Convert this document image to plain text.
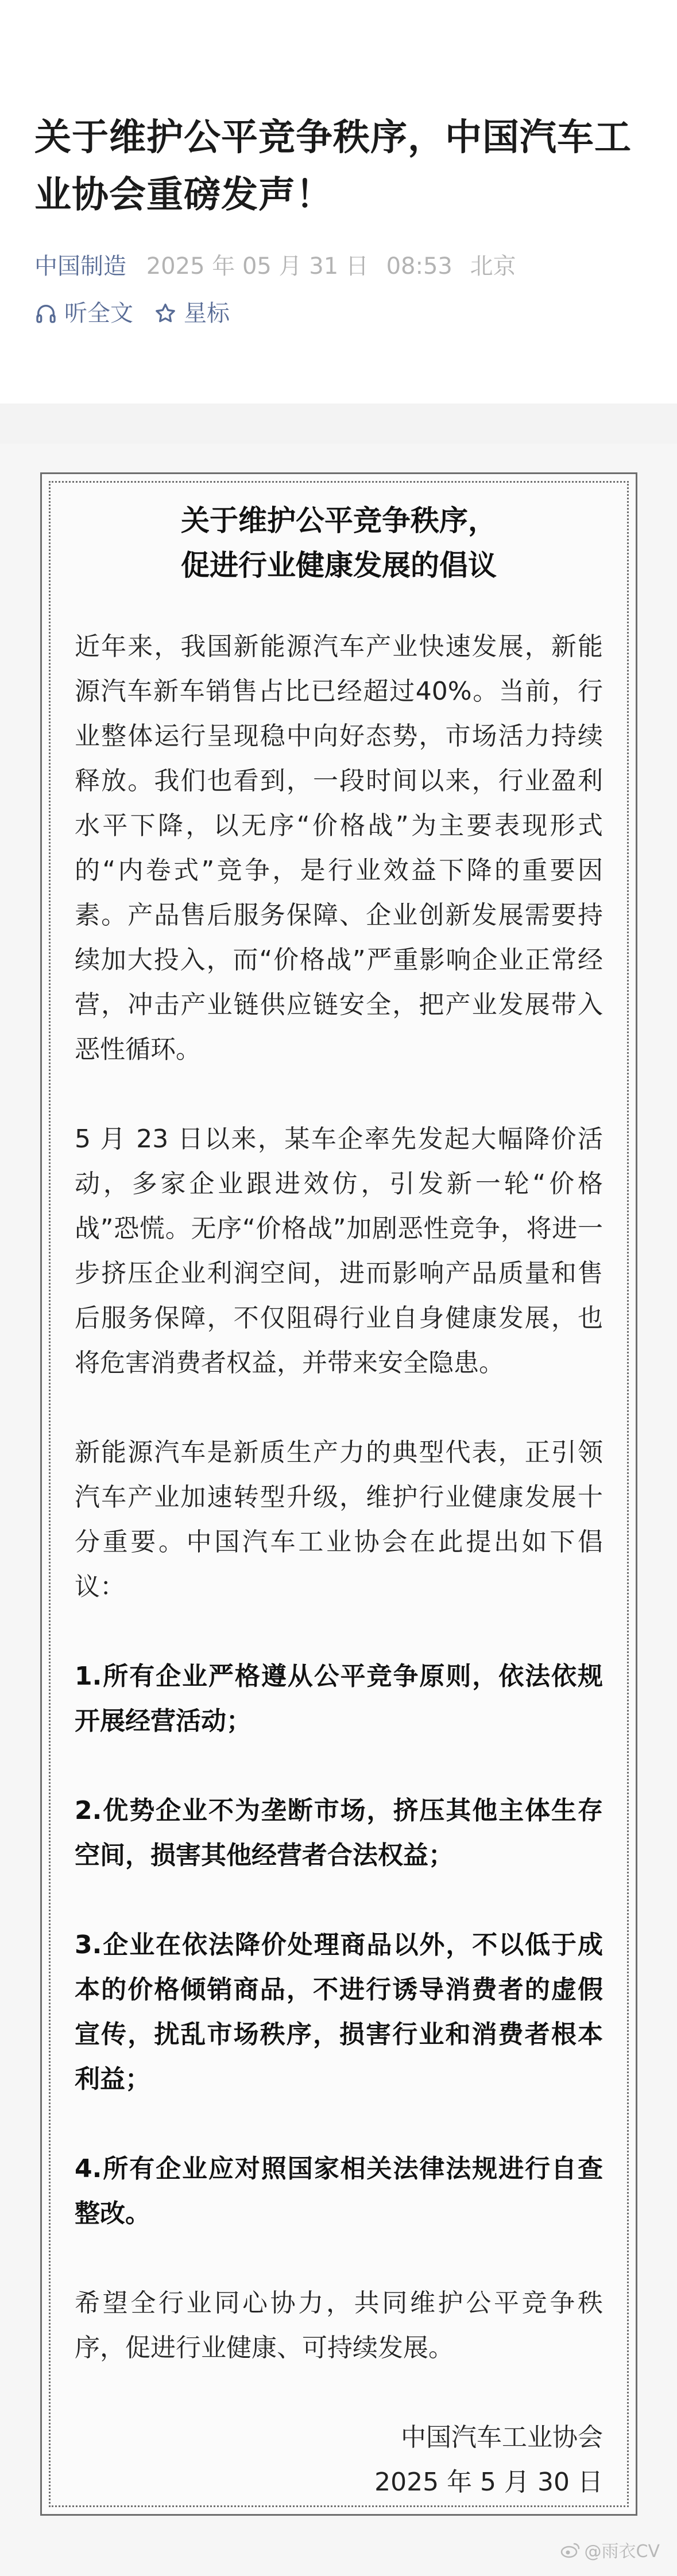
关于维护公平竞争秩序，中国汽车工业协会重磅发声！
中国制造 2025 年 05 月 31 日 08:53 北京
听全文 星标
关于维护公平竞争秩序，
促进行业健康发展的倡议

近年来，我国新能源汽车产业快速发展，新能源汽车新车销售占比已经超过40%。当前，行业整体运行呈现稳中向好态势，市场活力持续释放。我们也看到，一段时间以来，行业盈利水平下降，以无序“价格战”为主要表现形式的“内卷式”竞争，是行业效益下降的重要因素。产品售后服务保障、企业创新发展需要持续加大投入，而“价格战”严重影响企业正常经营，冲击产业链供应链安全，把产业发展带入恶性循环。

5 月 23 日以来，某车企率先发起大幅降价活动，多家企业跟进效仿，引发新一轮“价格战”恐慌。无序“价格战”加剧恶性竞争，将进一步挤压企业利润空间，进而影响产品质量和售后服务保障，不仅阻碍行业自身健康发展，也将危害消费者权益，并带来安全隐患。

新能源汽车是新质生产力的典型代表，正引领汽车产业加速转型升级，维护行业健康发展十分重要。中国汽车工业协会在此提出如下倡议：

1.所有企业严格遵从公平竞争原则，依法依规开展经营活动；

2.优势企业不为垄断市场，挤压其他主体生存空间，损害其他经营者合法权益；

3.企业在依法降价处理商品以外，不以低于成本的价格倾销商品，不进行诱导消费者的虚假宣传，扰乱市场秩序，损害行业和消费者根本利益；

4.所有企业应对照国家相关法律法规进行自查整改。

希望全行业同心协力，共同维护公平竞争秩序，促进行业健康、可持续发展。

中国汽车工业协会
2025 年 5 月 30 日
@雨衣CV
